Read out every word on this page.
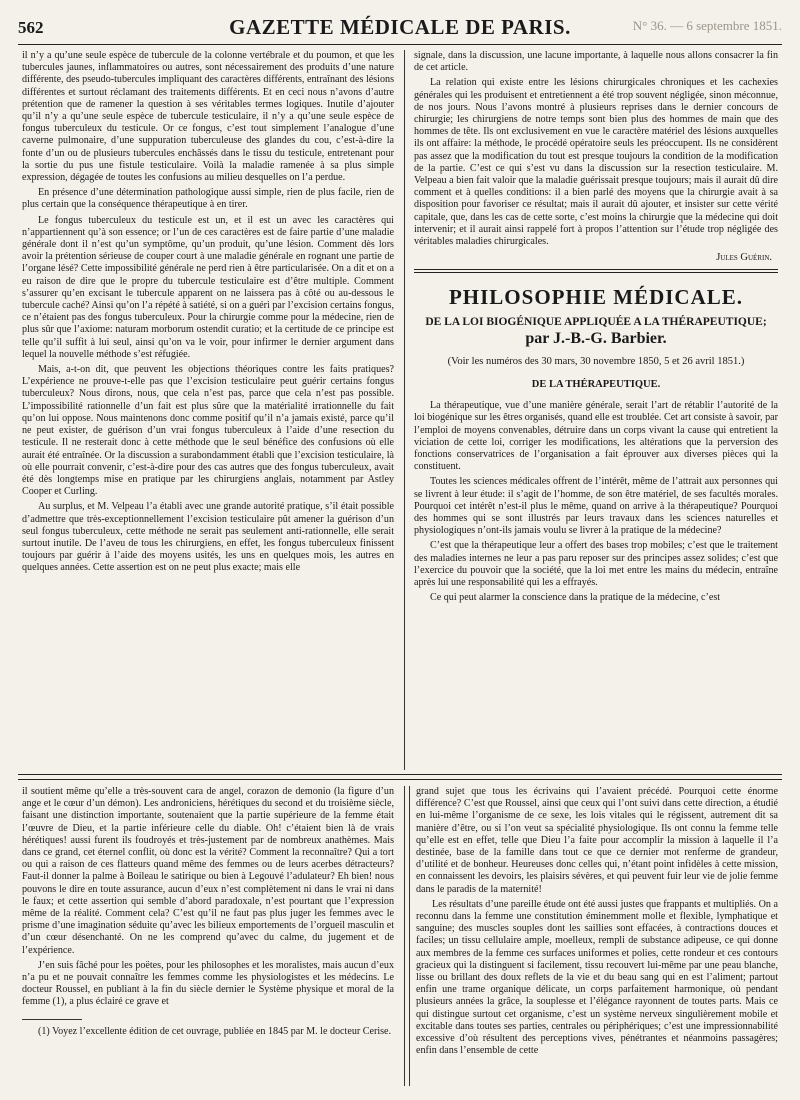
562	GAZETTE MÉDICALE DE PARIS.	N° 36. — 6 septembre 1851.

il n’y a qu’une seule espèce de tubercule de la colonne vertébrale et du poumon, et que les tubercules jaunes, inflammatoires ou autres, sont nécessairement des produits d’une nature différente, des pseudo-tubercules impliquant des caractères différents, entraînant des lésions différentes et surtout réclamant des traitements différents. Et en ceci nous n’avons d’autre prétention que de ramener la question à ses véritables termes logiques. Inutile d’ajouter qu’il n’y a qu’une seule espèce de tubercule testiculaire, il n’y a qu’une seule espèce de fongus tuberculeux du testicule. Or ce fongus, c’est tout simplement l’analogue d’une caverne pulmonaire, d’une suppuration tuberculeuse des glandes du cou, c’est-à-dire la fonte d’un ou de plusieurs tubercules enchâssés dans le tissu du testicule, entretenant pour la sortie du pus une fistule testiculaire. Voilà la maladie ramenée à sa plus simple expression, dégagée de toutes les confusions au milieu desquelles on l’a perdue.

En présence d’une détermination pathologique aussi simple, rien de plus facile, rien de plus certain que la conséquence thérapeutique à en tirer.

Le fongus tuberculeux du testicule est un, et il est un avec les caractères qui n’appartiennent qu’à son essence; or l’un de ces caractères est de faire partie d’une maladie générale dont il n’est qu’un symptôme, qu’un produit, qu’une lésion. Comment dès lors avoir la prétention sérieuse de couper court à une maladie générale en rognant une partie de l’organe lésé? Cette impossibilité générale ne perd rien à être particularisée. On a dit et on a eu raison de dire que le propre du tubercule testiculaire est d’être multiple. Comment s’assurer qu’en excisant le tubercule apparent on ne laissera pas à côté ou au-dessous le tubercule caché? Ainsi qu’on l’a répété à satiété, si on a guéri par l’excision certains fongus, ce n’étaient pas des fongus tuberculeux. Pour la chirurgie comme pour la médecine, rien de plus sûr que l’axiome: naturam morborum ostendit curatio; et la certitude de ce principe est telle qu’il suffit à lui seul, ainsi qu’on va le voir, pour infirmer le dernier argument dans lequel la nouvelle méthode s’est réfugiée.

Mais, a-t-on dit, que peuvent les objections théoriques contre les faits pratiques? L’expérience ne prouve-t-elle pas que l’excision testiculaire peut guérir certains fongus tuberculeux? Nous dirons, nous, que cela n’est pas, parce que cela n’est pas possible. L’impossibilité rationnelle d’un fait est plus sûre que la matérialité irrationnelle du fait qu’on lui oppose. Nous maintenons donc comme positif qu’il n’a jamais existé, parce qu’il ne peut exister, de guérison d’un vrai fongus tuberculeux à l’aide d’une resection du testicule. Il ne resterait donc à cette méthode que le seul bénéfice des confusions où elle aurait été entraînée. Or la discussion a surabondamment établi que l’excision testiculaire, là où elle pourrait convenir, c’est-à-dire pour des cas autres que des fongus tuberculeux, avait été dès longtemps mise en pratique par les chirurgiens anglais, notamment par Astley Cooper et Curling.

Au surplus, et M. Velpeau l’a établi avec une grande autorité pratique, s’il était possible d’admettre que très-exceptionnellement l’excision testiculaire pût amener la guérison d’un seul fongus tuberculeux, cette méthode ne serait pas seulement anti-rationnelle, elle serait surtout inutile. De l’aveu de tous les chirurgiens, en effet, les fongus tuberculeux finissent toujours par guérir à l’aide des moyens usités, les uns en quelques mois, les autres en quelques années. Cette assertion est on ne peut plus exacte; mais elle

signale, dans la discussion, une lacune importante, à laquelle nous allons consacrer la fin de cet article.

La relation qui existe entre les lésions chirurgicales chroniques et les cachexies générales qui les produisent et entretiennent a été trop souvent négligée, sinon méconnue, de nos jours. Nous l’avons montré à plusieurs reprises dans le dernier concours de chirurgie; les chirurgiens de notre temps sont bien plus des hommes de main que des hommes de tête. Ils ont exclusivement en vue le caractère matériel des lésions auxquelles ils ont affaire: la méthode, le procédé opératoire seuls les préoccupent. Ils ne considèrent pas assez que la modification du tout est presque toujours la condition de la modification de la partie. C’est ce qui s’est vu dans la discussion sur la resection testiculaire. M. Velpeau a bien fait valoir que la maladie guérissait presque toujours; mais il aurait dû dire comment et à quelles conditions: il a bien parlé des moyens que la chirurgie avait à sa disposition pour favoriser ce résultat; mais il aurait dû ajouter, et insister sur cette vérité capitale, que, dans les cas de cette sorte, c’est moins la chirurgie que la médecine qui doit intervenir; et il aurait ainsi rappelé fort à propos l’attention sur l’étude trop négligée des véritables maladies chirurgicales.

Jules Guérin.
PHILOSOPHIE MÉDICALE.
DE LA LOI BIOGÉNIQUE APPLIQUÉE A LA THÉRAPEUTIQUE;
par J.-B.-G. Barbier.
(Voir les numéros des 30 mars, 30 novembre 1850, 5 et 26 avril 1851.)
DE LA THÉRAPEUTIQUE.

La thérapeutique, vue d’une manière générale, serait l’art de rétablir l’autorité de la loi biogénique sur les êtres organisés, quand elle est troublée. Cet art consiste à savoir, par l’emploi de moyens convenables, détruire dans un corps vivant la cause qui entretient la viciation de cette loi, corriger les modifications, les altérations que la perversion des fonctions conservatrices de l’organisation a fait éprouver aux diverses pièces qui la constituent.

Toutes les sciences médicales offrent de l’intérêt, même de l’attrait aux personnes qui se livrent à leur étude: il s’agit de l’homme, de son être matériel, de ses facultés morales. Pourquoi cet intérêt n’est-il plus le même, quand on arrive à la thérapeutique? Pourquoi des hommes qui se sont illustrés par leurs travaux dans les sciences naturelles et physiologiques n’ont-ils jamais voulu se livrer à la pratique de la médecine?

C’est que la thérapeutique leur a offert des bases trop mobiles; c’est que le traitement des maladies internes ne leur a pas paru reposer sur des principes assez solides; c’est que l’exercice du pouvoir que la société, que la loi met entre les mains du médecin, entraîne après lui une responsabilité qui les a effrayés.

Ce qui peut alarmer la conscience dans la pratique de la médecine, c’est

il soutient même qu’elle a très-souvent cara de angel, corazon de demonio (la figure d’un ange et le cœur d’un démon). Les androniciens, hérétiques du second et du troisième siècle, faisant une distinction importante, soutenaient que la partie supérieure de la femme était l’œuvre de Dieu, et la partie inférieure celle du diable. Oh! c’étaient bien là de vrais hérétiques! aussi furent ils foudroyés et très-justement par de nombreux anathèmes. Mais dans ce grand, cet éternel conflit, où donc est la vérité? Comment la reconnaître? Qui a tort ou qui a raison de ces flatteurs quand même des femmes ou de leurs acerbes détracteurs? Faut-il donner la palme à Boileau le satirique ou bien à Legouvé l’adulateur? Eh bien! nous pouvons le dire en toute assurance, aucun d’eux n’est complètement ni dans le vrai ni dans le faux; et cette assertion qui semble d’abord paradoxale, n’est pourtant que l’expression même de la réalité. Comment cela? C’est qu’il ne faut pas plus juger les femmes avec le prisme d’une imagination séduite qu’avec les bilieux emportements de l’orgueil masculin et d’un cœur désenchanté. On ne les comprend qu’avec du calme, du jugement et de l’expérience.

J’en suis fâché pour les poëtes, pour les philosophes et les moralistes, mais aucun d’eux n’a pu et ne pouvait connaître les femmes comme les physiologistes et les médecins. Le docteur Roussel, en publiant à la fin du siècle dernier le Système physique et moral de la femme (1), a plus éclairé ce grave et

(1) Voyez l’excellente édition de cet ouvrage, publiée en 1845 par M. le docteur Cerise.

grand sujet que tous les écrivains qui l’avaient précédé. Pourquoi cette énorme différence? C’est que Roussel, ainsi que ceux qui l’ont suivi dans cette direction, a étudié en lui-même l’organisme de ce sexe, les lois vitales qui le régissent, autrement dit sa manière d’être, ou si l’on veut sa spécialité physiologique. Ils ont connu la femme telle qu’elle est en effet, telle que Dieu l’a faite pour accomplir la mission à laquelle il l’a destinée, base de la famille dans tout ce que ce dernier mot renferme de grandeur, d’utilité et de bonheur. Heureuses donc celles qui, n’étant point infidèles à cette mission, en connaissent les devoirs, les plaisirs sévères, et qui peuvent fuir leur vie de jolie femme dans le paradis de la maternité!

Les résultats d’une pareille étude ont été aussi justes que frappants et multipliés. On a reconnu dans la femme une constitution éminemment molle et flexible, lymphatique et sanguine; des muscles souples dont les saillies sont effacées, à contractions douces et faciles; un tissu cellulaire ample, moelleux, rempli de substance adipeuse, ce qui donne aux membres de la femme ces surfaces uniformes et polies, cette rondeur et ces contours gracieux qui la distinguent si facilement, tissu recouvert lui-même par une peau blanche, lisse ou brillant des doux reflets de la vie et du beau sang qui en est l’aliment; partout enfin une trame organique délicate, un corps parfaitement harmonique, où pendant plusieurs années la grâce, la souplesse et l’élégance rayonnent de toutes parts. Mais ce qui distingue surtout cet organisme, c’est un système nerveux singulièrement mobile et excitable dans toutes ses parties, centrales ou périphériques; c’est une impressionnabilité excessive d’où résultent des perceptions vives, pénétrantes et néanmoins passagères; enfin dans l’ensemble de cette
